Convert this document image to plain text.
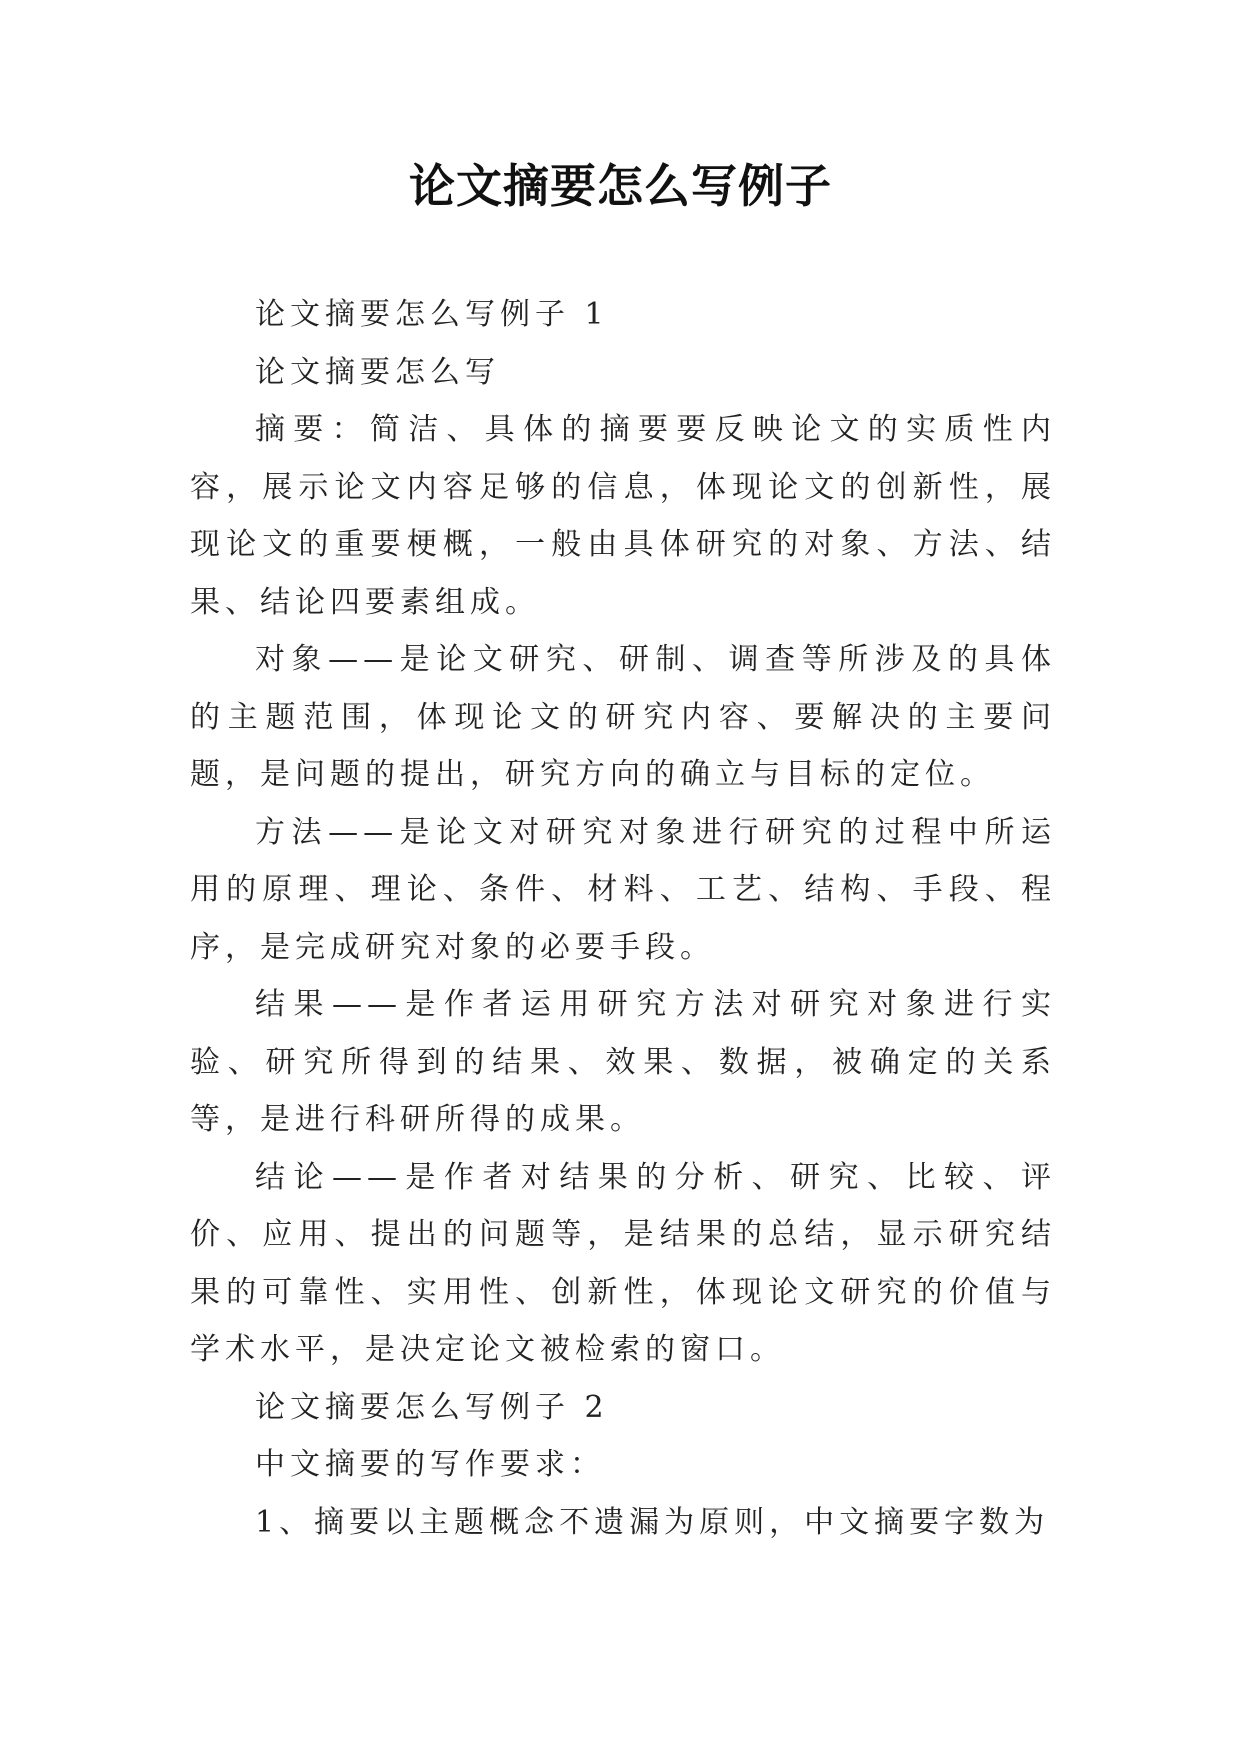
论文摘要怎么写例子

论文摘要怎么写例子 1

论文摘要怎么写

摘要：简洁、具体的摘要要反映论文的实质性内容，展示论文内容足够的信息，体现论文的创新性，展现论文的重要梗概，一般由具体研究的对象、方法、结果、结论四要素组成。

对象——是论文研究、研制、调查等所涉及的具体的主题范围，体现论文的研究内容、要解决的主要问题，是问题的提出，研究方向的确立与目标的定位。

方法——是论文对研究对象进行研究的过程中所运用的原理、理论、条件、材料、工艺、结构、手段、程序，是完成研究对象的必要手段。

结果——是作者运用研究方法对研究对象进行实验、研究所得到的结果、效果、数据，被确定的关系等，是进行科研所得的成果。

结论——是作者对结果的分析、研究、比较、评价、应用、提出的问题等，是结果的总结，显示研究结果的可靠性、实用性、创新性，体现论文研究的价值与学术水平，是决定论文被检索的窗口。

论文摘要怎么写例子 2

中文摘要的写作要求：

1、摘要以主题概念不遗漏为原则，中文摘要字数为
